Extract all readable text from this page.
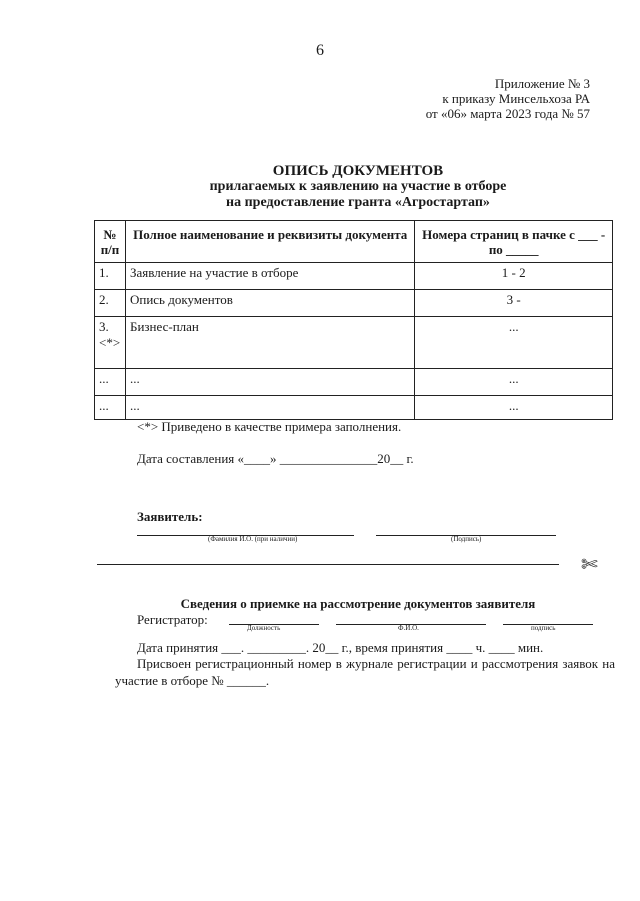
6
Приложение № 3
к приказу Минсельхоза РА
от «06» марта 2023 года № 57
ОПИСЬ ДОКУМЕНТОВ
прилагаемых к заявлению на участие в отборе
на предоставление гранта «Агростартап»
№ п/п	Полное наименование и реквизиты документа	Номера страниц в пачке с ___ - по _____
1.	Заявление на участие в отборе	1 - 2
2.	Опись документов	3 -
3. <*>	Бизнес-план	...
...	...	...
...	...	...
<*> Приведено в качестве примера заполнения.
Дата составления «____» _______________20__ г.
Заявитель:
(Фамилия И.О. (при наличии)	(Подпись)
✄
Сведения о приемке на рассмотрение документов заявителя
Регистратор:
Должность	Ф.И.О.	подпись
Дата принятия ___. _________. 20__ г., время принятия ____ ч. ____ мин.
Присвоен регистрационный номер в журнале регистрации и рассмотрения заявок на участие в отборе № ______.
